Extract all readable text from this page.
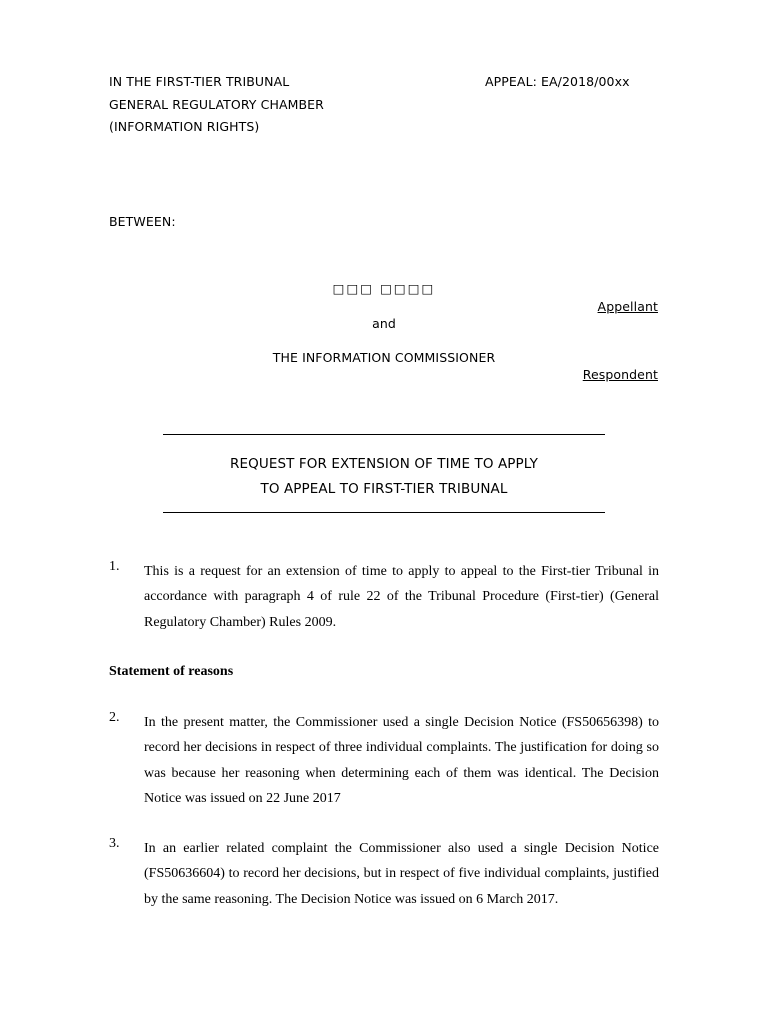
IN THE FIRST-TIER TRIBUNAL
GENERAL REGULATORY CHAMBER
(INFORMATION RIGHTS)
APPEAL: EA/2018/00xx
BETWEEN:
□□□ □□□□
Appellant
and
THE INFORMATION COMMISSIONER
Respondent
REQUEST FOR EXTENSION OF TIME TO APPLY
TO APPEAL TO FIRST-TIER TRIBUNAL
1. This is a request for an extension of time to apply to appeal to the First-tier Tribunal in accordance with paragraph 4 of rule 22 of the Tribunal Procedure (First-tier) (General Regulatory Chamber) Rules 2009.
Statement of reasons
2. In the present matter, the Commissioner used a single Decision Notice (FS50656398) to record her decisions in respect of three individual complaints. The justification for doing so was because her reasoning when determining each of them was identical. The Decision Notice was issued on 22 June 2017
3. In an earlier related complaint the Commissioner also used a single Decision Notice (FS50636604) to record her decisions, but in respect of five individual complaints, justified by the same reasoning. The Decision Notice was issued on 6 March 2017.
